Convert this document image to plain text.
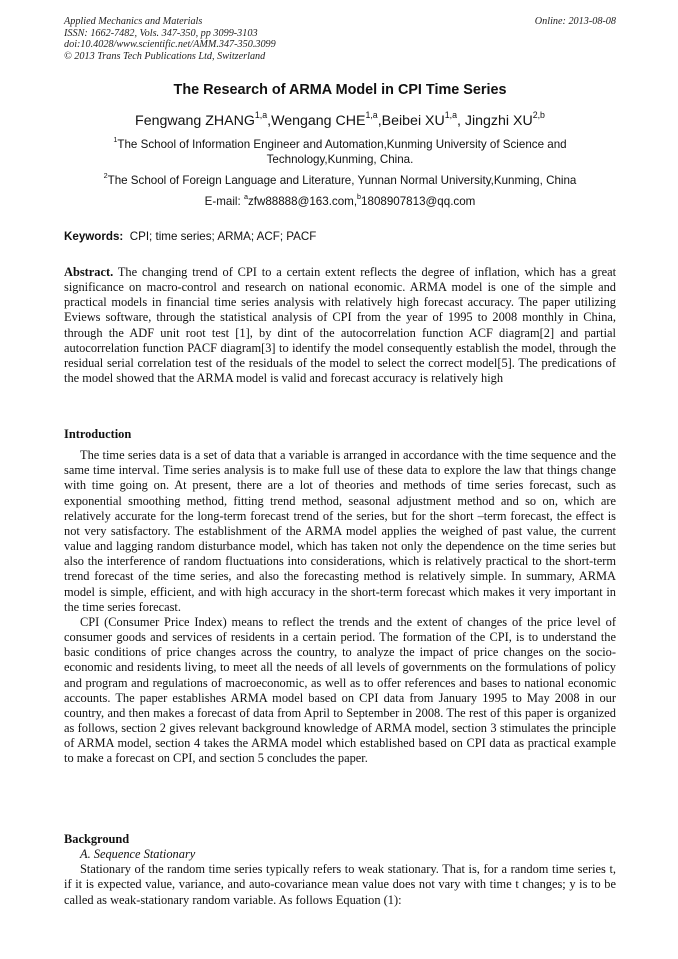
Applied Mechanics and Materials
ISSN: 1662-7482, Vols. 347-350, pp 3099-3103
doi:10.4028/www.scientific.net/AMM.347-350.3099
© 2013 Trans Tech Publications Ltd, Switzerland
Online: 2013-08-08
The Research of ARMA Model in CPI Time Series
Fengwang ZHANG$^{1,a}$,Wengang CHE$^{1,a}$,Beibei XU$^{1,a}$, Jingzhi XU$^{2,b}$
$^1$The School of Information Engineer and Automation,Kunming University of Science and Technology,Kunming, China.
$^2$The School of Foreign Language and Literature, Yunnan Normal University,Kunming, China
E-mail: $^a$zfw88888@163.com,$^b$1808907813@qq.com
Keywords: CPI; time series; ARMA; ACF; PACF
Abstract. The changing trend of CPI to a certain extent reflects the degree of inflation, which has a great significance on macro-control and research on national economic. ARMA model is one of the simple and practical models in financial time series analysis with relatively high forecast accuracy. The paper utilizing Eviews software, through the statistical analysis of CPI from the year of 1995 to 2008 monthly in China, through the ADF unit root test [1], by dint of the autocorrelation function ACF diagram[2] and partial autocorrelation function PACF diagram[3] to identify the model consequently establish the model, through the residual serial correlation test of the residuals of the model to select the correct model[5]. The predications of the model showed that the ARMA model is valid and forecast accuracy is relatively high
Introduction

The time series data is a set of data that a variable is arranged in accordance with the time sequence and the same time interval. Time series analysis is to make full use of these data to explore the law that things change with time going on. At present, there are a lot of theories and methods of time series forecast, such as exponential smoothing method, fitting trend method, seasonal adjustment method and so on, which are relatively accurate for the long-term forecast trend of the series, but for the short –term forecast, the effect is not very satisfactory. The establishment of the ARMA model applies the weighed of past value, the current value and lagging random disturbance model, which has taken not only the dependence on the time series but also the interference of random fluctuations into considerations, which is relatively practical to the short-term trend forecast of the time series, and also the forecasting method is relatively simple. In summary, ARMA model is simple, efficient, and with high accuracy in the short-term forecast which makes it very important in the time series forecast.

CPI (Consumer Price Index) means to reflect the trends and the extent of changes of the price level of consumer goods and services of residents in a certain period. The formation of the CPI, is to understand the basic conditions of price changes across the country, to analyze the impact of price changes on the socio-economic and residents living, to meet all the needs of all levels of governments on the formulations of policy and program and regulations of macroeconomic, as well as to offer references and bases to national economic accounts. The paper establishes ARMA model based on CPI data from January 1995 to May 2008 in our country, and then makes a forecast of data from April to September in 2008. The rest of this paper is organized as follows, section 2 gives relevant background knowledge of ARMA model, section 3 stimulates the principle of ARMA model, section 4 takes the ARMA model which established based on CPI data as practical example to make a forecast on CPI, and section 5 concludes the paper.

Background
A. Sequence Stationary

Stationary of the random time series typically refers to weak stationary. That is, for a random time series t, if it is expected value, variance, and auto-covariance mean value does not vary with time t changes; y is to be called as weak-stationary random variable. As follows Equation (1):
